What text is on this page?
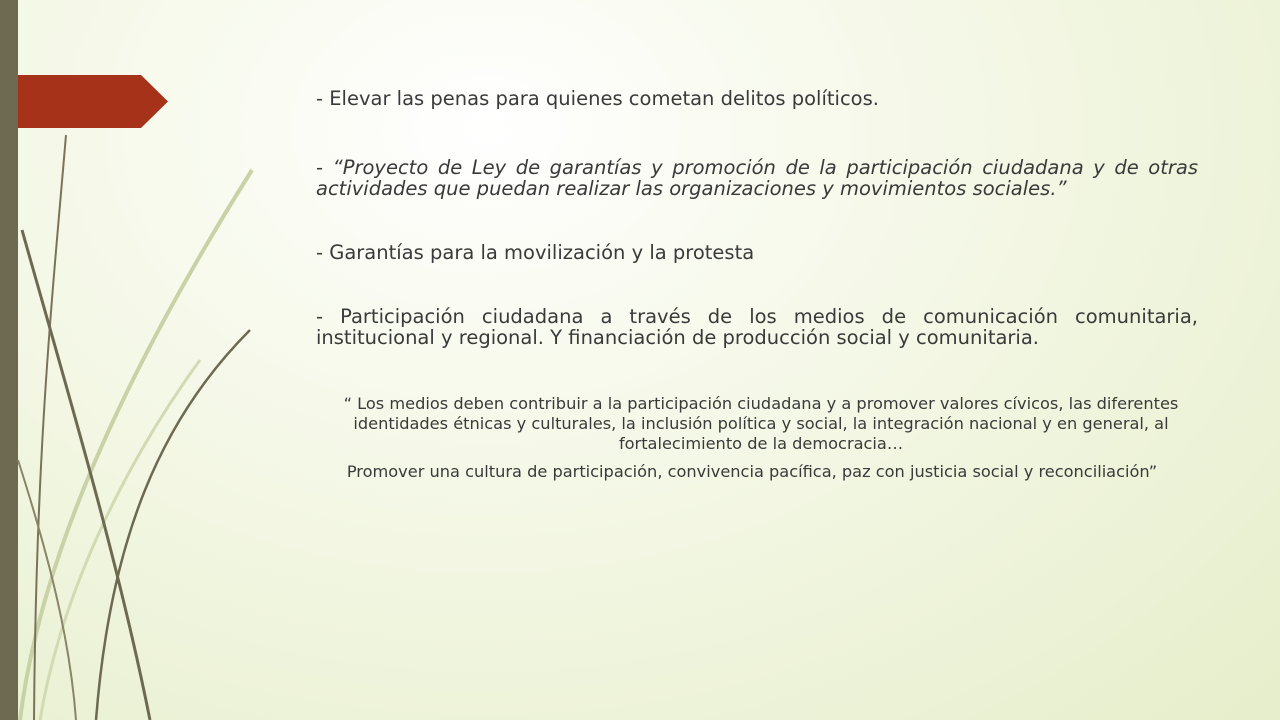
- Elevar las penas para quienes cometan delitos políticos.

- “Proyecto de Ley de garantías y promoción de la participación ciudadana y de otras actividades que puedan realizar las organizaciones y movimientos sociales.”

- Garantías para la movilización y la protesta

- Participación ciudadana a través de los medios de comunicación comunitaria, institucional y regional. Y financiación de producción social y comunitaria.

“ Los medios deben contribuir a la participación ciudadana y a promover valores cívicos, las diferentes identidades étnicas y culturales, la inclusión política y social, la integración nacional y en general, al fortalecimiento de la democracia…

Promover una cultura de participación, convivencia pacífica, paz con justicia social y reconciliación”
